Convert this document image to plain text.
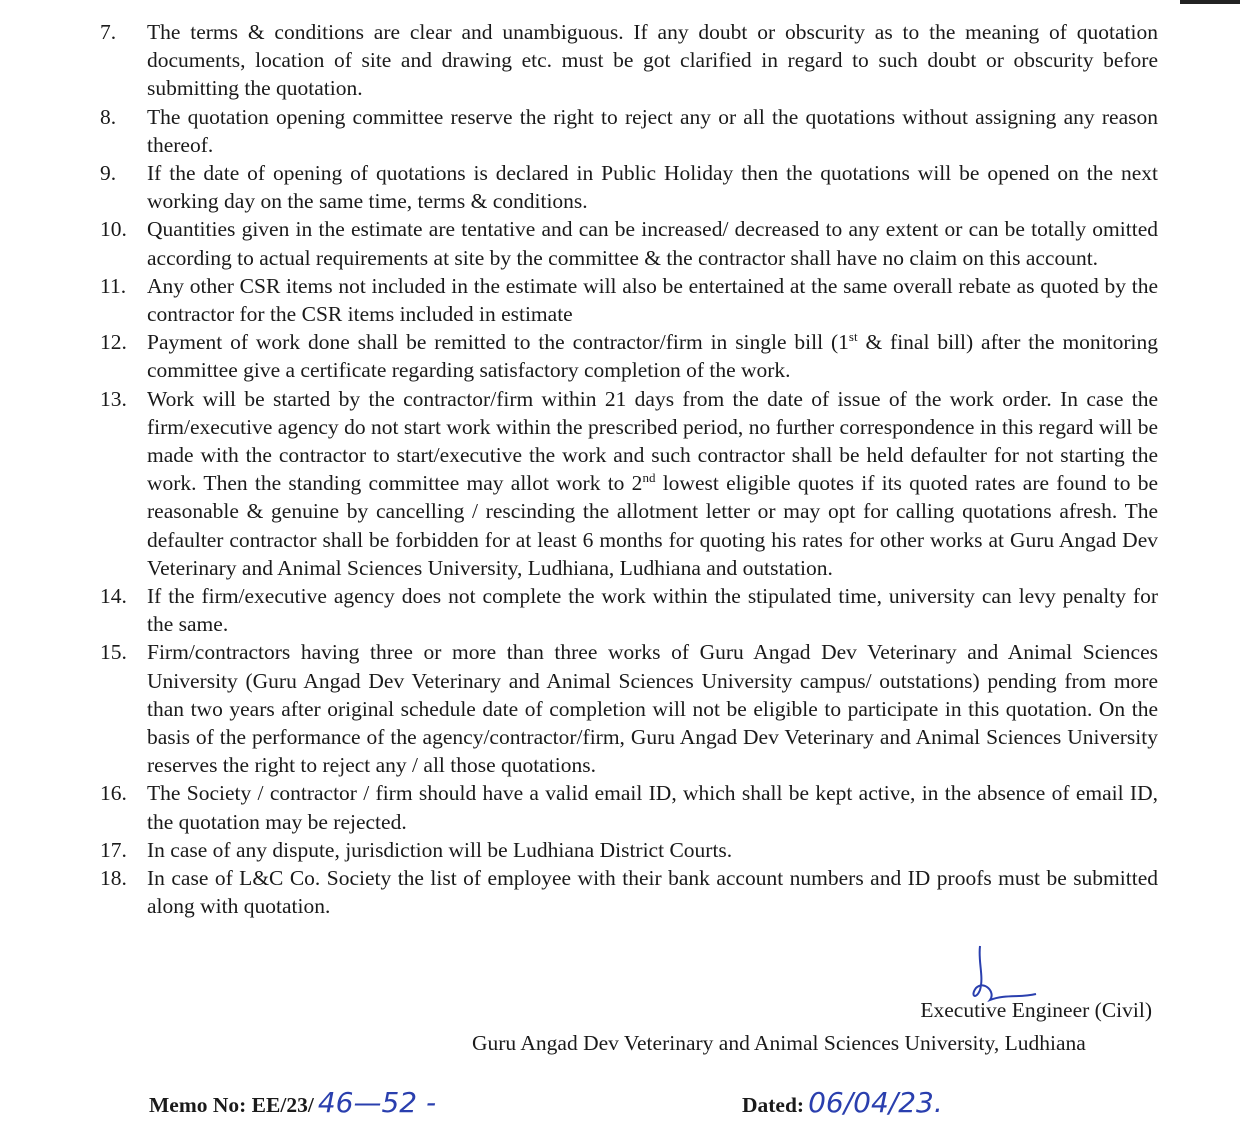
7. The terms & conditions are clear and unambiguous. If any doubt or obscurity as to the meaning of quotation documents, location of site and drawing etc. must be got clarified in regard to such doubt or obscurity before submitting the quotation.
8. The quotation opening committee reserve the right to reject any or all the quotations without assigning any reason thereof.
9. If the date of opening of quotations is declared in Public Holiday then the quotations will be opened on the next working day on the same time, terms & conditions.
10. Quantities given in the estimate are tentative and can be increased/ decreased to any extent or can be totally omitted according to actual requirements at site by the committee & the contractor shall have no claim on this account.
11. Any other CSR items not included in the estimate will also be entertained at the same overall rebate as quoted by the contractor for the CSR items included in estimate
12. Payment of work done shall be remitted to the contractor/firm in single bill (1st & final bill) after the monitoring committee give a certificate regarding satisfactory completion of the work.
13. Work will be started by the contractor/firm within 21 days from the date of issue of the work order. In case the firm/executive agency do not start work within the prescribed period, no further correspondence in this regard will be made with the contractor to start/executive the work and such contractor shall be held defaulter for not starting the work. Then the standing committee may allot work to 2nd lowest eligible quotes if its quoted rates are found to be reasonable & genuine by cancelling / rescinding the allotment letter or may opt for calling quotations afresh. The defaulter contractor shall be forbidden for at least 6 months for quoting his rates for other works at Guru Angad Dev Veterinary and Animal Sciences University, Ludhiana, Ludhiana and outstation.
14. If the firm/executive agency does not complete the work within the stipulated time, university can levy penalty for the same.
15. Firm/contractors having three or more than three works of Guru Angad Dev Veterinary and Animal Sciences University (Guru Angad Dev Veterinary and Animal Sciences University campus/ outstations) pending from more than two years after original schedule date of completion will not be eligible to participate in this quotation. On the basis of the performance of the agency/contractor/firm, Guru Angad Dev Veterinary and Animal Sciences University reserves the right to reject any / all those quotations.
16. The Society / contractor / firm should have a valid email ID, which shall be kept active, in the absence of email ID, the quotation may be rejected.
17. In case of any dispute, jurisdiction will be Ludhiana District Courts.
18. In case of L&C Co. Society the list of employee with their bank account numbers and ID proofs must be submitted along with quotation.
Executive Engineer (Civil)
Guru Angad Dev Veterinary and Animal Sciences University, Ludhiana
Memo No: EE/23/ 46—52 -	Dated: 06/04/23.
